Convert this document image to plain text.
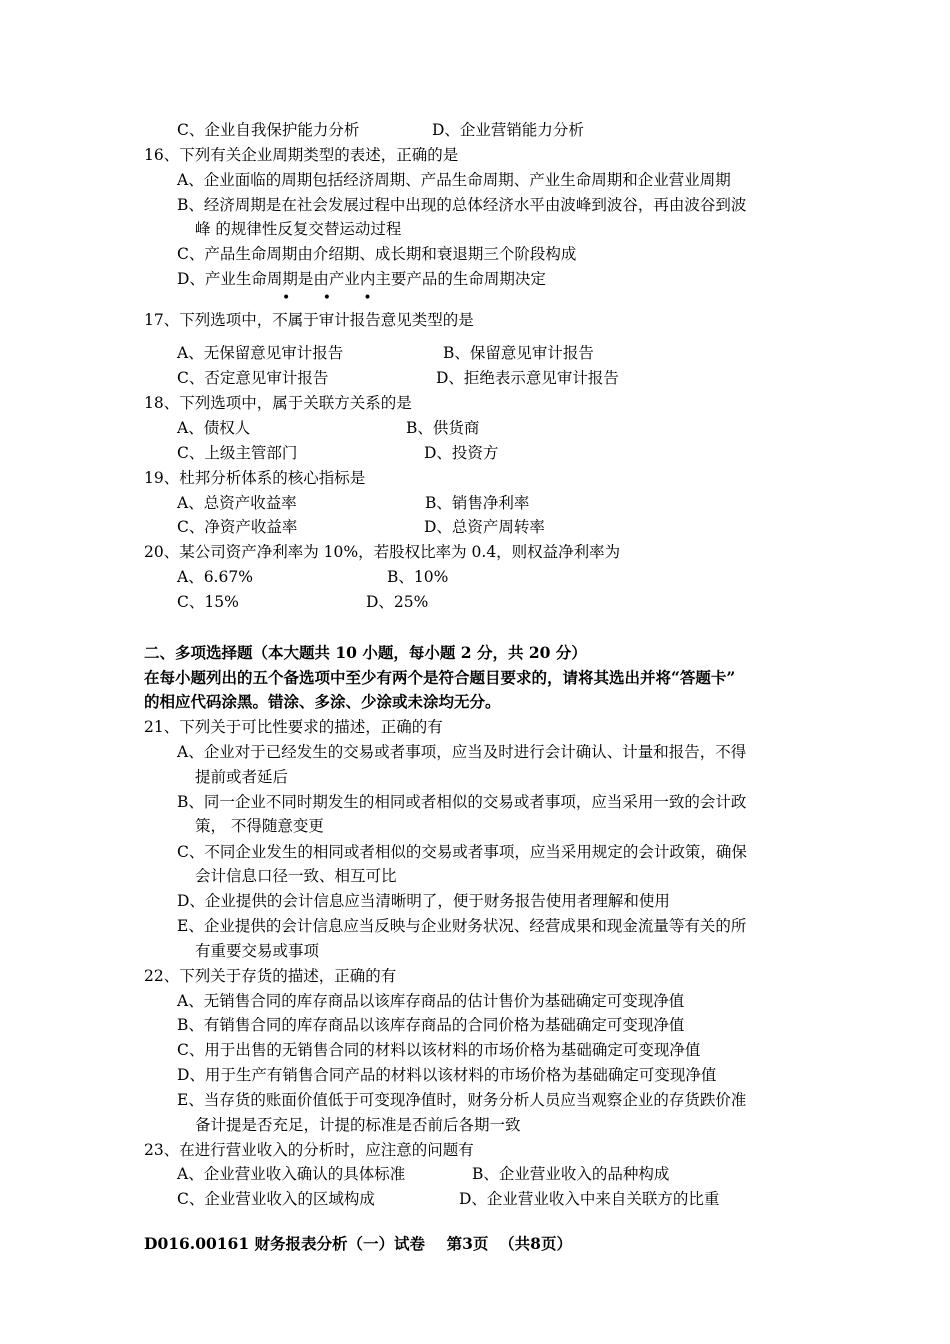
C、企业自我保护能力分析	D、企业营销能力分析
16、下列有关企业周期类型的表述，正确的是
A、企业面临的周期包括经济周期、产品生命周期、产业生命周期和企业营业周期
B、经济周期是在社会发展过程中出现的总体经济水平由波峰到波谷，再由波谷到波
峰 的规律性反复交替运动过程
C、产品生命周期由介绍期、成长期和衰退期三个阶段构成
D、产业生命周期是由产业内主要产品的生命周期决定
• • •
17、下列选项中，不属于审计报告意见类型的是
A、无保留意见审计报告	B、保留意见审计报告
C、否定意见审计报告	D、拒绝表示意见审计报告
18、下列选项中，属于关联方关系的是
A、债权人	B、供货商
C、上级主管部门	D、投资方
19、杜邦分析体系的核心指标是
A、总资产收益率	B、销售净利率
C、净资产收益率	D、总资产周转率
20、某公司资产净利率为 10%，若股权比率为 0.4，则权益净利率为
A、6.67%	B、10%
C、15%	D、25%
二、多项选择题（本大题共 10 小题，每小题 2 分，共 20 分）
在每小题列出的五个备选项中至少有两个是符合题目要求的，请将其选出并将“答题卡”
的相应代码涂黑。错涂、多涂、少涂或未涂均无分。
21、下列关于可比性要求的描述，正确的有
A、企业对于已经发生的交易或者事项，应当及时进行会计确认、计量和报告，不得
提前或者延后
B、同一企业不同时期发生的相同或者相似的交易或者事项，应当采用一致的会计政
策， 不得随意变更
C、不同企业发生的相同或者相似的交易或者事项，应当采用规定的会计政策，确保
会计信息口径一致、相互可比
D、企业提供的会计信息应当清晰明了，便于财务报告使用者理解和使用
E、企业提供的会计信息应当反映与企业财务状况、经营成果和现金流量等有关的所
有重要交易或事项
22、下列关于存货的描述，正确的有
A、无销售合同的库存商品以该库存商品的估计售价为基础确定可变现净值
B、有销售合同的库存商品以该库存商品的合同价格为基础确定可变现净值
C、用于出售的无销售合同的材料以该材料的市场价格为基础确定可变现净值
D、用于生产有销售合同产品的材料以该材料的市场价格为基础确定可变现净值
E、当存货的账面价值低于可变现净值时，财务分析人员应当观察企业的存货跌价准
备计提是否充足，计提的标准是否前后各期一致
23、在进行营业收入的分析时，应注意的问题有
A、企业营业收入确认的具体标准	B、企业营业收入的品种构成
C、企业营业收入的区域构成	D、企业营业收入中来自关联方的比重
D016.00161 财务报表分析（一）试卷    第3页  （共8页）
